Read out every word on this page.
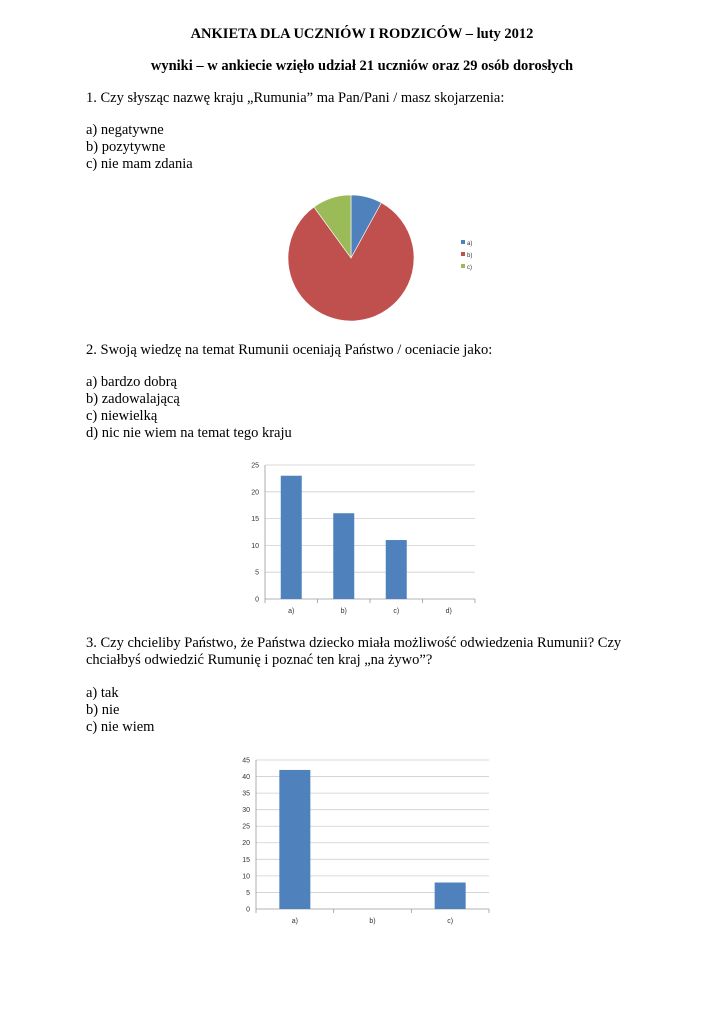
ANKIETA DLA UCZNIÓW I RODZICÓW – luty 2012
wyniki – w ankiecie wzięło udział 21 uczniów oraz 29 osób dorosłych
1. Czy słysząc nazwę kraju „Rumunia” ma Pan/Pani / masz skojarzenia:
a) negatywne
b) pozytywne
c) nie mam zdania
a)
b)
c)
2. Swoją wiedzę na temat Rumunii oceniają Państwo / oceniacie jako:
a) bardzo dobrą
b) zadowalającą
c) niewielką
d) nic nie wiem na temat tego kraju
0
5
10
15
20
25
a)	b)	c)	d)
3. Czy chcieliby Państwo, że Państwa dziecko miała możliwość odwiedzenia Rumunii? Czy
chciałbyś odwiedzić Rumunię i poznać ten kraj „na żywo”?
a) tak
b) nie
c) nie wiem
0
5
10
15
20
25
30
35
40
45
a)	b)	c)
